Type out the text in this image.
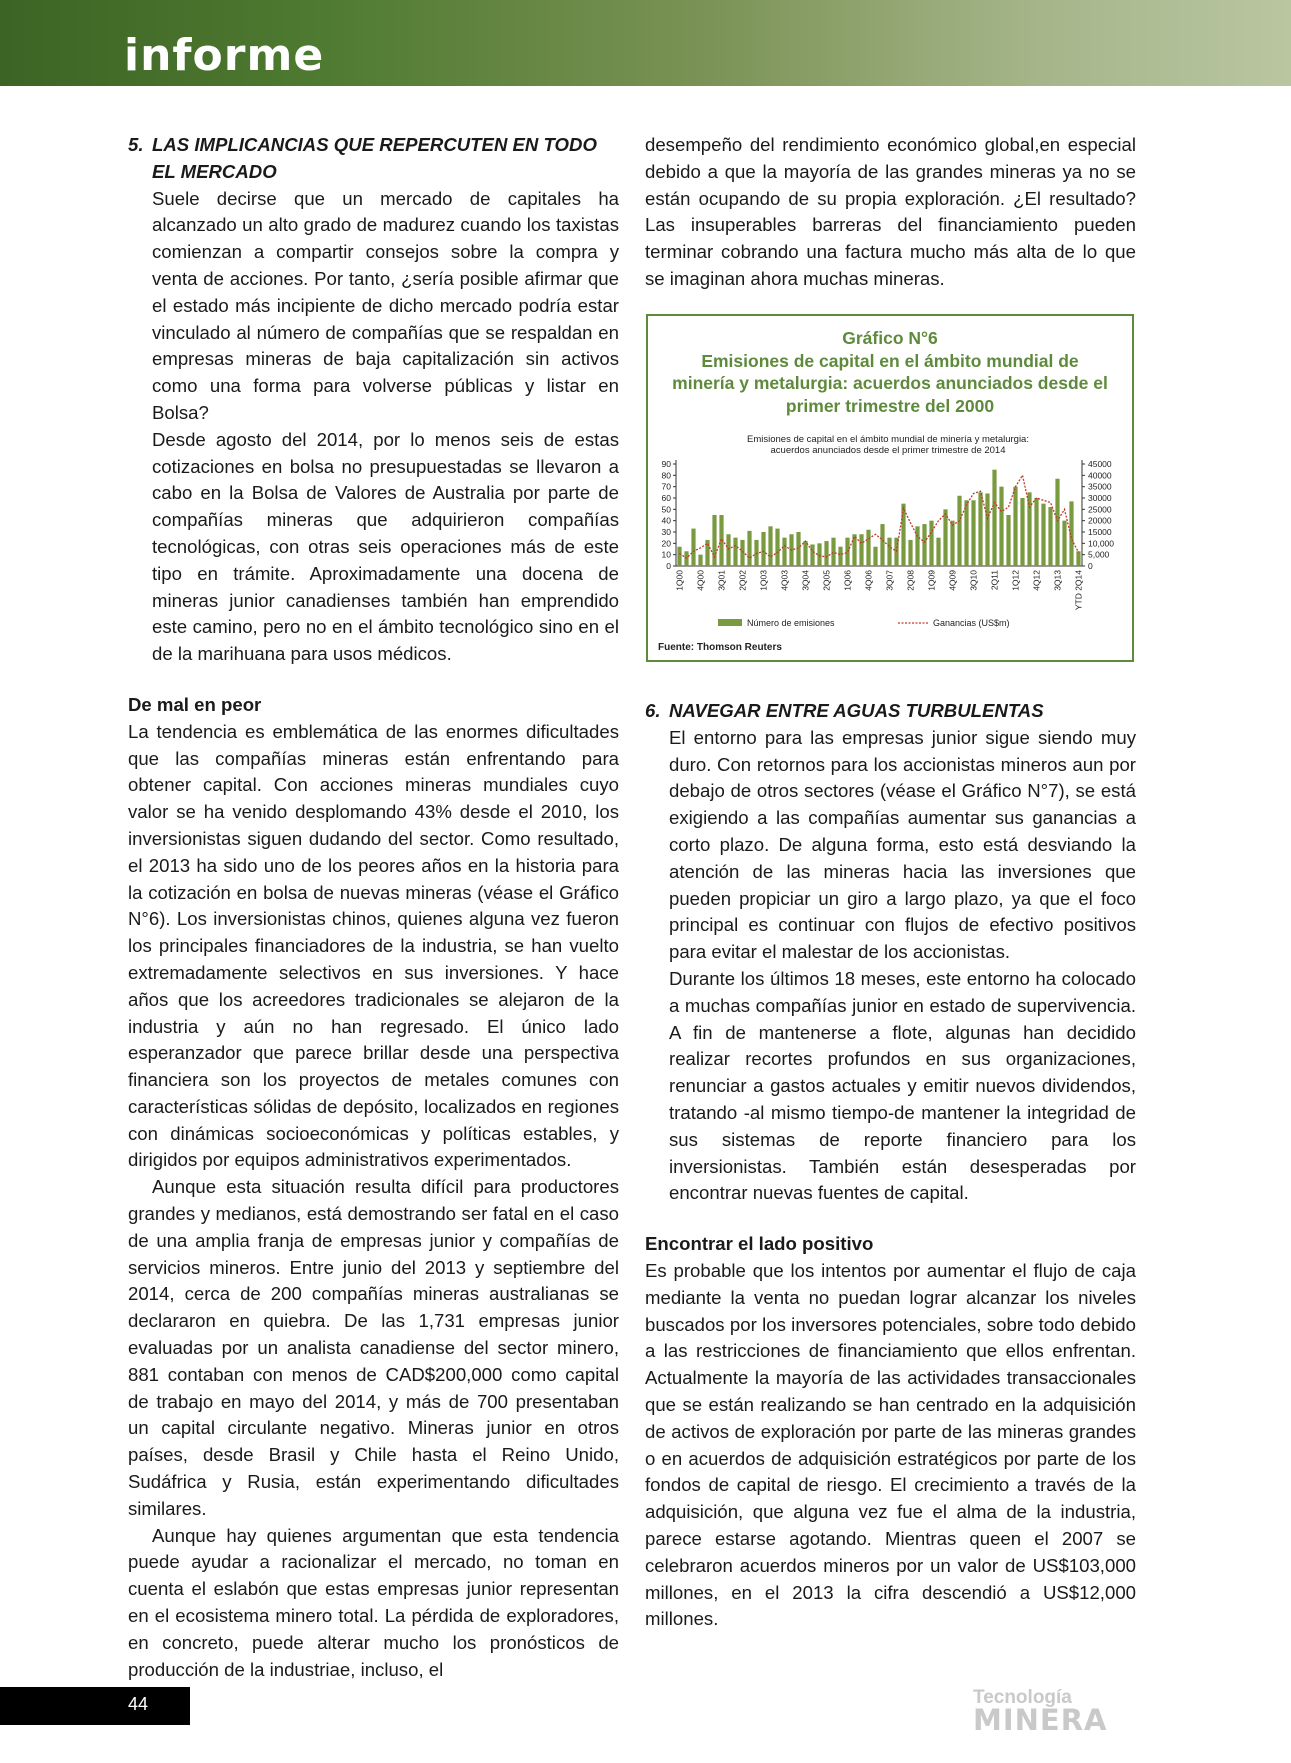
informe

5. LAS IMPLICANCIAS QUE REPERCUTEN EN TODO

EL MERCADO

Suele decirse que un mercado de capitales ha alcanzado un alto grado de madurez cuando los taxistas comienzan a compartir consejos sobre la compra y venta de acciones. Por tanto, ¿sería posible afirmar que el estado más incipiente de dicho mercado podría estar vinculado al número de compañías que se respaldan en empresas mineras de baja capitalización sin activos como una forma para volverse públicas y listar en Bolsa?

Desde agosto del 2014, por lo menos seis de estas cotizaciones en bolsa no presupuestadas se llevaron a cabo en la Bolsa de Valores de Australia por parte de compañías mineras que adquirieron compañías tecnológicas, con otras seis operaciones más de este tipo en trámite. Aproximadamente una docena de mineras junior canadienses también han emprendido este camino, pero no en el ámbito tecnológico sino en el de la marihuana para usos médicos.

De mal en peor

La tendencia es emblemática de las enormes dificultades que las compañías mineras están enfrentando para obtener capital. Con acciones mineras mundiales cuyo valor se ha venido desplomando 43% desde el 2010, los inversionistas siguen dudando del sector. Como resultado, el 2013 ha sido uno de los peores años en la historia para la cotización en bolsa de nuevas mineras (véase el Gráfico N°6). Los inversionistas chinos, quienes alguna vez fueron los principales financiadores de la industria, se han vuelto extremadamente selectivos en sus inversiones. Y hace años que los acreedores tradicionales se alejaron de la industria y aún no han regresado. El único lado esperanzador que parece brillar desde una perspectiva financiera son los proyectos de metales comunes con características sólidas de depósito, localizados en regiones con dinámicas socioeconómicas y políticas estables, y dirigidos por equipos administrativos experimentados.

Aunque esta situación resulta difícil para productores grandes y medianos, está demostrando ser fatal en el caso de una amplia franja de empresas junior y compañías de servicios mineros. Entre junio del 2013 y septiembre del 2014, cerca de 200 compañías mineras australianas se declararon en quiebra. De las 1,731 empresas junior evaluadas por un analista canadiense del sector minero, 881 contaban con menos de CAD$200,000 como capital de trabajo en mayo del 2014, y más de 700 presentaban un capital circulante negativo. Mineras junior en otros países, desde Brasil y Chile hasta el Reino Unido, Sudáfrica y Rusia, están experimentando dificultades similares.

Aunque hay quienes argumentan que esta tendencia puede ayudar a racionalizar el mercado, no toman en cuenta el eslabón que estas empresas junior representan en el ecosistema minero total. La pérdida de exploradores, en concreto, puede alterar mucho los pronósticos de producción de la industriae, incluso, el

desempeño del rendimiento económico global,en especial debido a que la mayoría de las grandes mineras ya no se están ocupando de su propia exploración. ¿El resultado? Las insuperables barreras del financiamiento pueden terminar cobrando una factura mucho más alta de lo que se imaginan ahora muchas mineras.

Gráfico N°6
Emisiones de capital en el ámbito mundial de
minería y metalurgia: acuerdos anunciados desde el
primer trimestre del 2000
Emisiones de capital en el ámbito mundial de minería y metalurgia:
acuerdos anunciados desde el primer trimestre de 2014
0
10
20
30
40
50
60
70
80
90
0
5,000
10,000
15000
20000
25000
30000
35000
40000
45000
1Q00 4Q00 3Q01 2Q02 1Q03 4Q03 3Q04 2Q05 1Q06 4Q06 3Q07 2Q08 1Q09 4Q09 3Q10 2Q11 1Q12 4Q12 3Q13 YTD 2Q14
Número de emisiones	Ganancias (US$m)
Fuente: Thomson Reuters

6. NAVEGAR ENTRE AGUAS TURBULENTAS

El entorno para las empresas junior sigue siendo muy duro. Con retornos para los accionistas mineros aun por debajo de otros sectores (véase el Gráfico N°7), se está exigiendo a las compañías aumentar sus ganancias a corto plazo. De alguna forma, esto está desviando la atención de las mineras hacia las inversiones que pueden propiciar un giro a largo plazo, ya que el foco principal es continuar con flujos de efectivo positivos para evitar el malestar de los accionistas.

Durante los últimos 18 meses, este entorno ha colocado a muchas compañías junior en estado de supervivencia. A fin de mantenerse a flote, algunas han decidido realizar recortes profundos en sus organizaciones, renunciar a gastos actuales y emitir nuevos dividendos, tratando -al mismo tiempo-de mantener la integridad de sus sistemas de reporte financiero para los inversionistas. También están desesperadas por encontrar nuevas fuentes de capital.

Encontrar el lado positivo

Es probable que los intentos por aumentar el flujo de caja mediante la venta no puedan lograr alcanzar los niveles buscados por los inversores potenciales, sobre todo debido a las restricciones de financiamiento que ellos enfrentan. Actualmente la mayoría de las actividades transaccionales que se están realizando se han centrado en la adquisición de activos de exploración por parte de las mineras grandes o en acuerdos de adquisición estratégicos por parte de los fondos de capital de riesgo. El crecimiento a través de la adquisición, que alguna vez fue el alma de la industria, parece estarse agotando. Mientras queen el 2007 se celebraron acuerdos mineros por un valor de US$103,000 millones, en el 2013 la cifra descendió a US$12,000 millones.

44	Tecnología
MINERA
